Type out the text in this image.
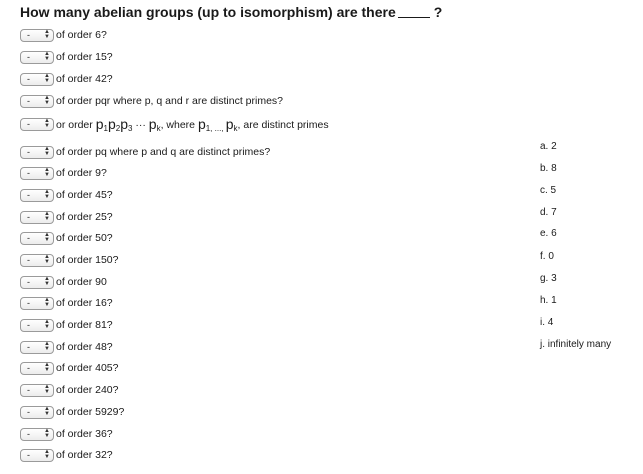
How many abelian groups (up to isomorphism) are there	?
- ▲
▼ of order 6?
- ▲
▼ of order 15?
- ▲
▼ of order 42?
- ▲
▼ of order pqr where p, q and r are distinct primes?
- ▲
▼ or order $p_1p_2p_3$ ··· $p_k$, where $p_{1, ...,}$ $p_k$, are distinct primes
- ▲
▼ of order pq where p and q are distinct primes?
- ▲
▼ of order 9?
- ▲
▼ of order 45?
- ▲
▼ of order 25?
- ▲
▼ of order 50?
- ▲
▼ of order 150?
- ▲
▼ of order 90
- ▲
▼ of order 16?
- ▲
▼ of order 81?
- ▲
▼ of order 48?
- ▲
▼ of order 405?
- ▲
▼ of order 240?
- ▲
▼ of order 5929?
- ▲
▼ of order 36?
- ▲
▼ of order 32?
a. 2
b. 8
c. 5
d. 7
e. 6
f. 0
g. 3
h. 1
i. 4
j. infinitely many
